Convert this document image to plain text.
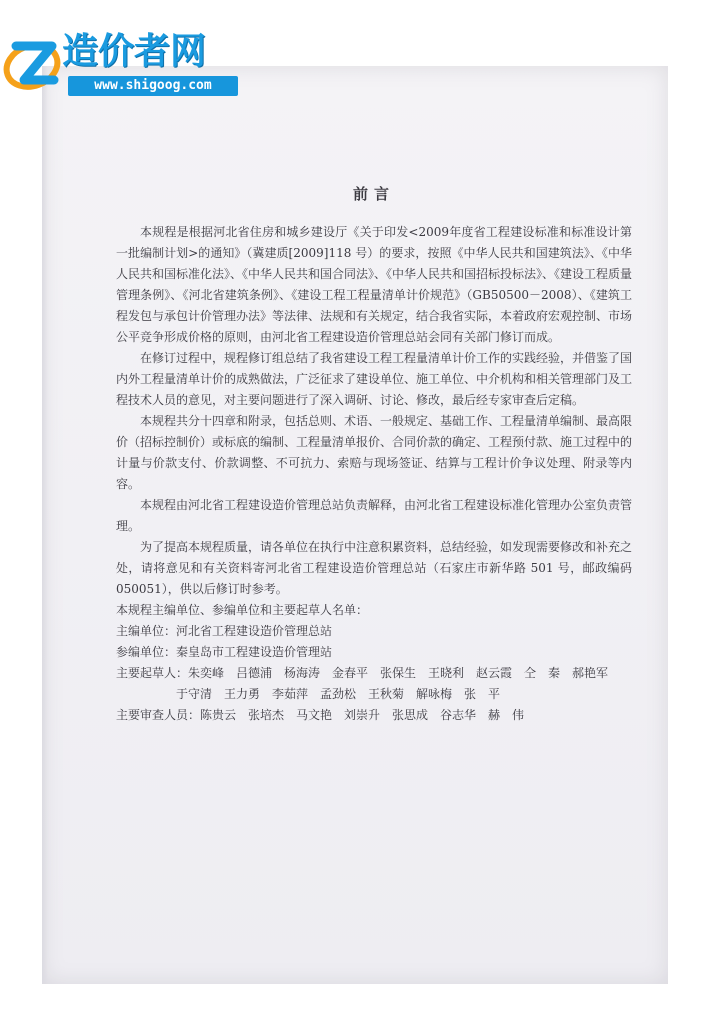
造价者网
www.shigoog.com
前言

本规程是根据河北省住房和城乡建设厅《关于印发<2009年度省工程建设标准和标准设计第一批编制计划>的通知》（冀建质[2009]118 号）的要求，按照《中华人民共和国建筑法》、《中华人民共和国标准化法》、《中华人民共和国合同法》、《中华人民共和国招标投标法》、《建设工程质量管理条例》、《河北省建筑条例》、《建设工程工程量清单计价规范》（GB50500－2008）、《建筑工程发包与承包计价管理办法》等法律、法规和有关规定，结合我省实际，本着政府宏观控制、市场公平竞争形成价格的原则，由河北省工程建设造价管理总站会同有关部门修订而成。

在修订过程中，规程修订组总结了我省建设工程工程量清单计价工作的实践经验，并借鉴了国内外工程量清单计价的成熟做法，广泛征求了建设单位、施工单位、中介机构和相关管理部门及工程技术人员的意见，对主要问题进行了深入调研、讨论、修改，最后经专家审查后定稿。

本规程共分十四章和附录，包括总则、术语、一般规定、基础工作、工程量清单编制、最高限价（招标控制价）或标底的编制、工程量清单报价、合同价款的确定、工程预付款、施工过程中的计量与价款支付、价款调整、不可抗力、索赔与现场签证、结算与工程计价争议处理、附录等内容。

本规程由河北省工程建设造价管理总站负责解释，由河北省工程建设标准化管理办公室负责管理。

为了提高本规程质量，请各单位在执行中注意积累资料，总结经验，如发现需要修改和补充之处，请将意见和有关资料寄河北省工程建设造价管理总站（石家庄市新华路 501 号，邮政编码 050051），供以后修订时参考。

本规程主编单位、参编单位和主要起草人名单：
主编单位：河北省工程建设造价管理总站
参编单位：秦皇岛市工程建设造价管理站
主要起草人：朱奕峰　吕德浦　杨海涛　金春平　张保生　王晓利　赵云霞　仝　秦　郝艳军
于守清　王力勇　李茹萍　孟劲松　王秋菊　解咏梅　张　平
主要审查人员：陈贵云　张培杰　马文艳　刘崇升　张思成　谷志华　赫　伟
